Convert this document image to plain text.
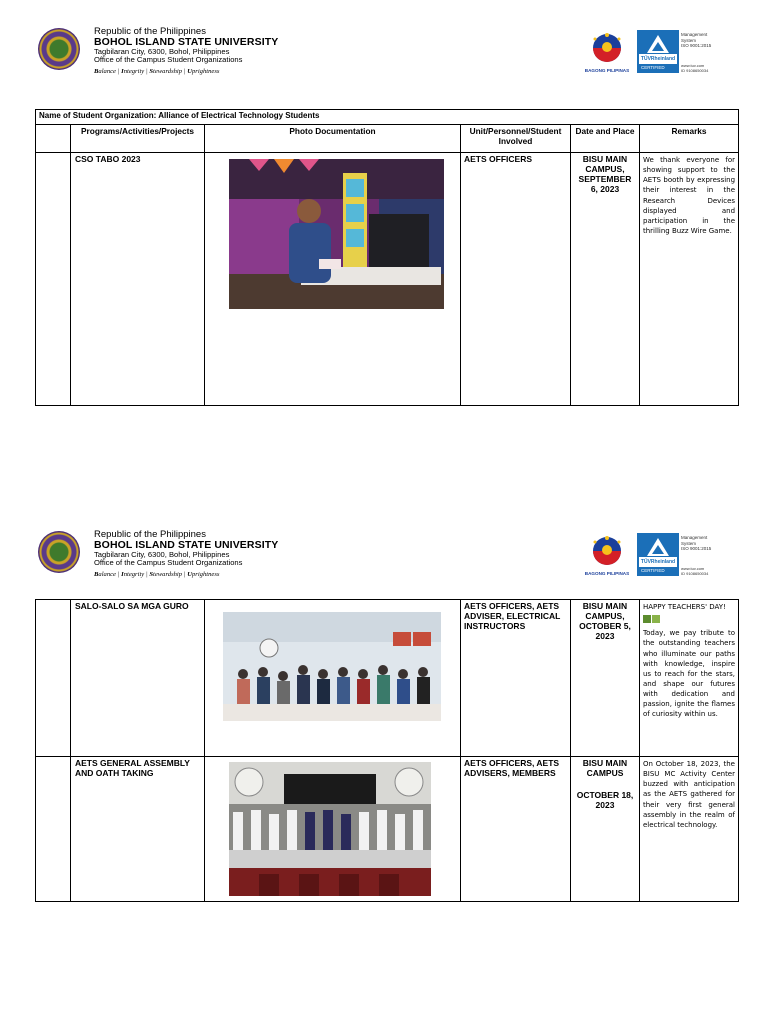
Republic of the Philippines
BOHOL ISLAND STATE UNIVERSITY
Tagbilaran City, 6300, Bohol, Philippines
Office of the Campus Student Organizations
Balance | Integrity | Stewardship | Uprightness	BAGONG PILIPINAS
TÜVRheinland
CERTIFIED
Management
System
ISO 9001:2015
www.tuv.com
ID 9108650034
Name of Student Organization: Alliance of Electrical Technology Students					
	Programs/Activities/Projects	Photo Documentation	Unit/Personnel/Student Involved	Date and Place	Remarks
	CSO TABO 2023		AETS OFFICERS	BISU MAIN CAMPUS, SEPTEMBER 6, 2023	We thank everyone for showing support to the AETS booth by expressing their interest in the Research Devices displayed and participation in the thrilling Buzz Wire Game.
Republic of the Philippines
BOHOL ISLAND STATE UNIVERSITY
Tagbilaran City, 6300, Bohol, Philippines
Office of the Campus Student Organizations
Balance | Integrity | Stewardship | Uprightness	BAGONG PILIPINAS
TÜVRheinland
CERTIFIED
Management
System
ISO 9001:2015
www.tuv.com
ID 9108650034
	SALO-SALO SA MGA GURO		AETS OFFICERS, AETS ADVISER, ELECTRICAL INSTRUCTORS	BISU MAIN CAMPUS, OCTOBER 5, 2023	HAPPY TEACHERS' DAY!
Today, we pay tribute to the outstanding teachers who illuminate our paths with knowledge, inspire us to reach for the stars, and shape our futures with dedication and passion, ignite the flames of curiosity within us.

	AETS GENERAL ASSEMBLY AND OATH TAKING		AETS OFFICERS, AETS ADVISERS, MEMBERS	BISU MAIN CAMPUS
OCTOBER 18, 2023	On October 18, 2023, the BISU MC Activity Center buzzed with anticipation as the AETS gathered for their very first general assembly in the realm of electrical technology.
